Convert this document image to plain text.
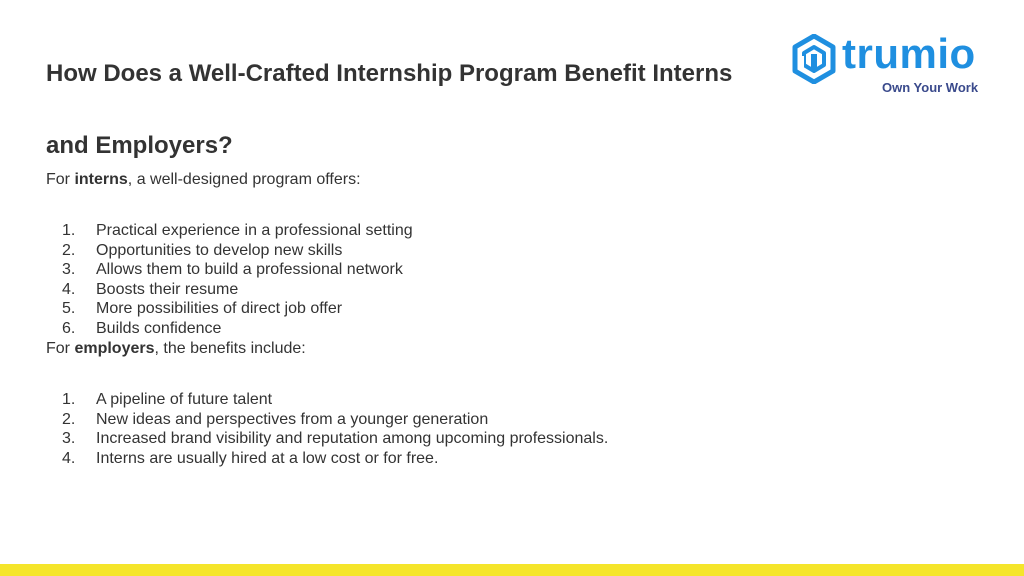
How Does a Well-Crafted Internship Program Benefit Interns
and Employers?

For interns, a well-designed program offers:

1.	Practical experience in a professional setting
2.	Opportunities to develop new skills
3.	Allows them to build a professional network
4.	Boosts their resume
5.	More possibilities of direct job offer
6.	Builds confidence

For employers, the benefits include:

1.	A pipeline of future talent
2.	New ideas and perspectives from a younger generation
3.	Increased brand visibility and reputation among upcoming professionals.
4.	Interns are usually hired at a low cost or for free.
trumio
Own Your Work
